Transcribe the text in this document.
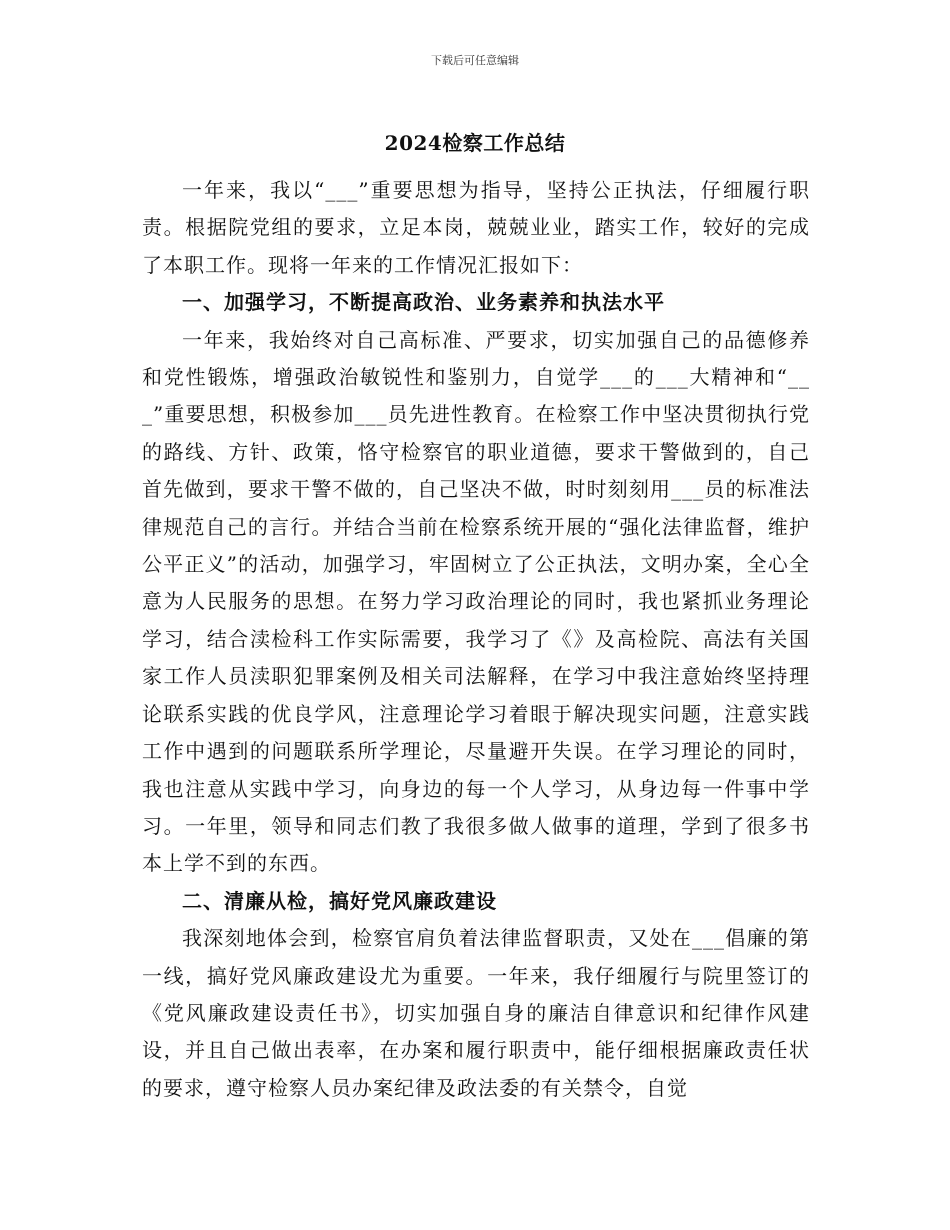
下载后可任意编辑
2024检察工作总结

一年来，我以“___”重要思想为指导，坚持公正执法，仔细履行职责。根据院党组的要求，立足本岗，兢兢业业，踏实工作，较好的完成了本职工作。现将一年来的工作情况汇报如下：

一、加强学习，不断提高政治、业务素养和执法水平

一年来，我始终对自己高标准、严要求，切实加强自己的品德修养和党性锻炼，增强政治敏锐性和鉴别力，自觉学___的___大精神和“___”重要思想，积极参加___员先进性教育。在检察工作中坚决贯彻执行党的路线、方针、政策，恪守检察官的职业道德，要求干警做到的，自己首先做到，要求干警不做的，自己坚决不做，时时刻刻用___员的标准法律规范自己的言行。并结合当前在检察系统开展的“强化法律监督，维护公平正义”的活动，加强学习，牢固树立了公正执法，文明办案，全心全意为人民服务的思想。在努力学习政治理论的同时，我也紧抓业务理论学习，结合渎检科工作实际需要，我学习了《》及高检院、高法有关国家工作人员渎职犯罪案例及相关司法解释，在学习中我注意始终坚持理论联系实践的优良学风，注意理论学习着眼于解决现实问题，注意实践工作中遇到的问题联系所学理论，尽量避开失误。在学习理论的同时，我也注意从实践中学习，向身边的每一个人学习，从身边每一件事中学习。一年里，领导和同志们教了我很多做人做事的道理，学到了很多书本上学不到的东西。

二、清廉从检，搞好党风廉政建设

我深刻地体会到，检察官肩负着法律监督职责，又处在___倡廉的第一线，搞好党风廉政建设尤为重要。一年来，我仔细履行与院里签订的《党风廉政建设责任书》，切实加强自身的廉洁自律意识和纪律作风建设，并且自己做出表率，在办案和履行职责中，能仔细根据廉政责任状的要求，遵守检察人员办案纪律及政法委的有关禁令，自觉
